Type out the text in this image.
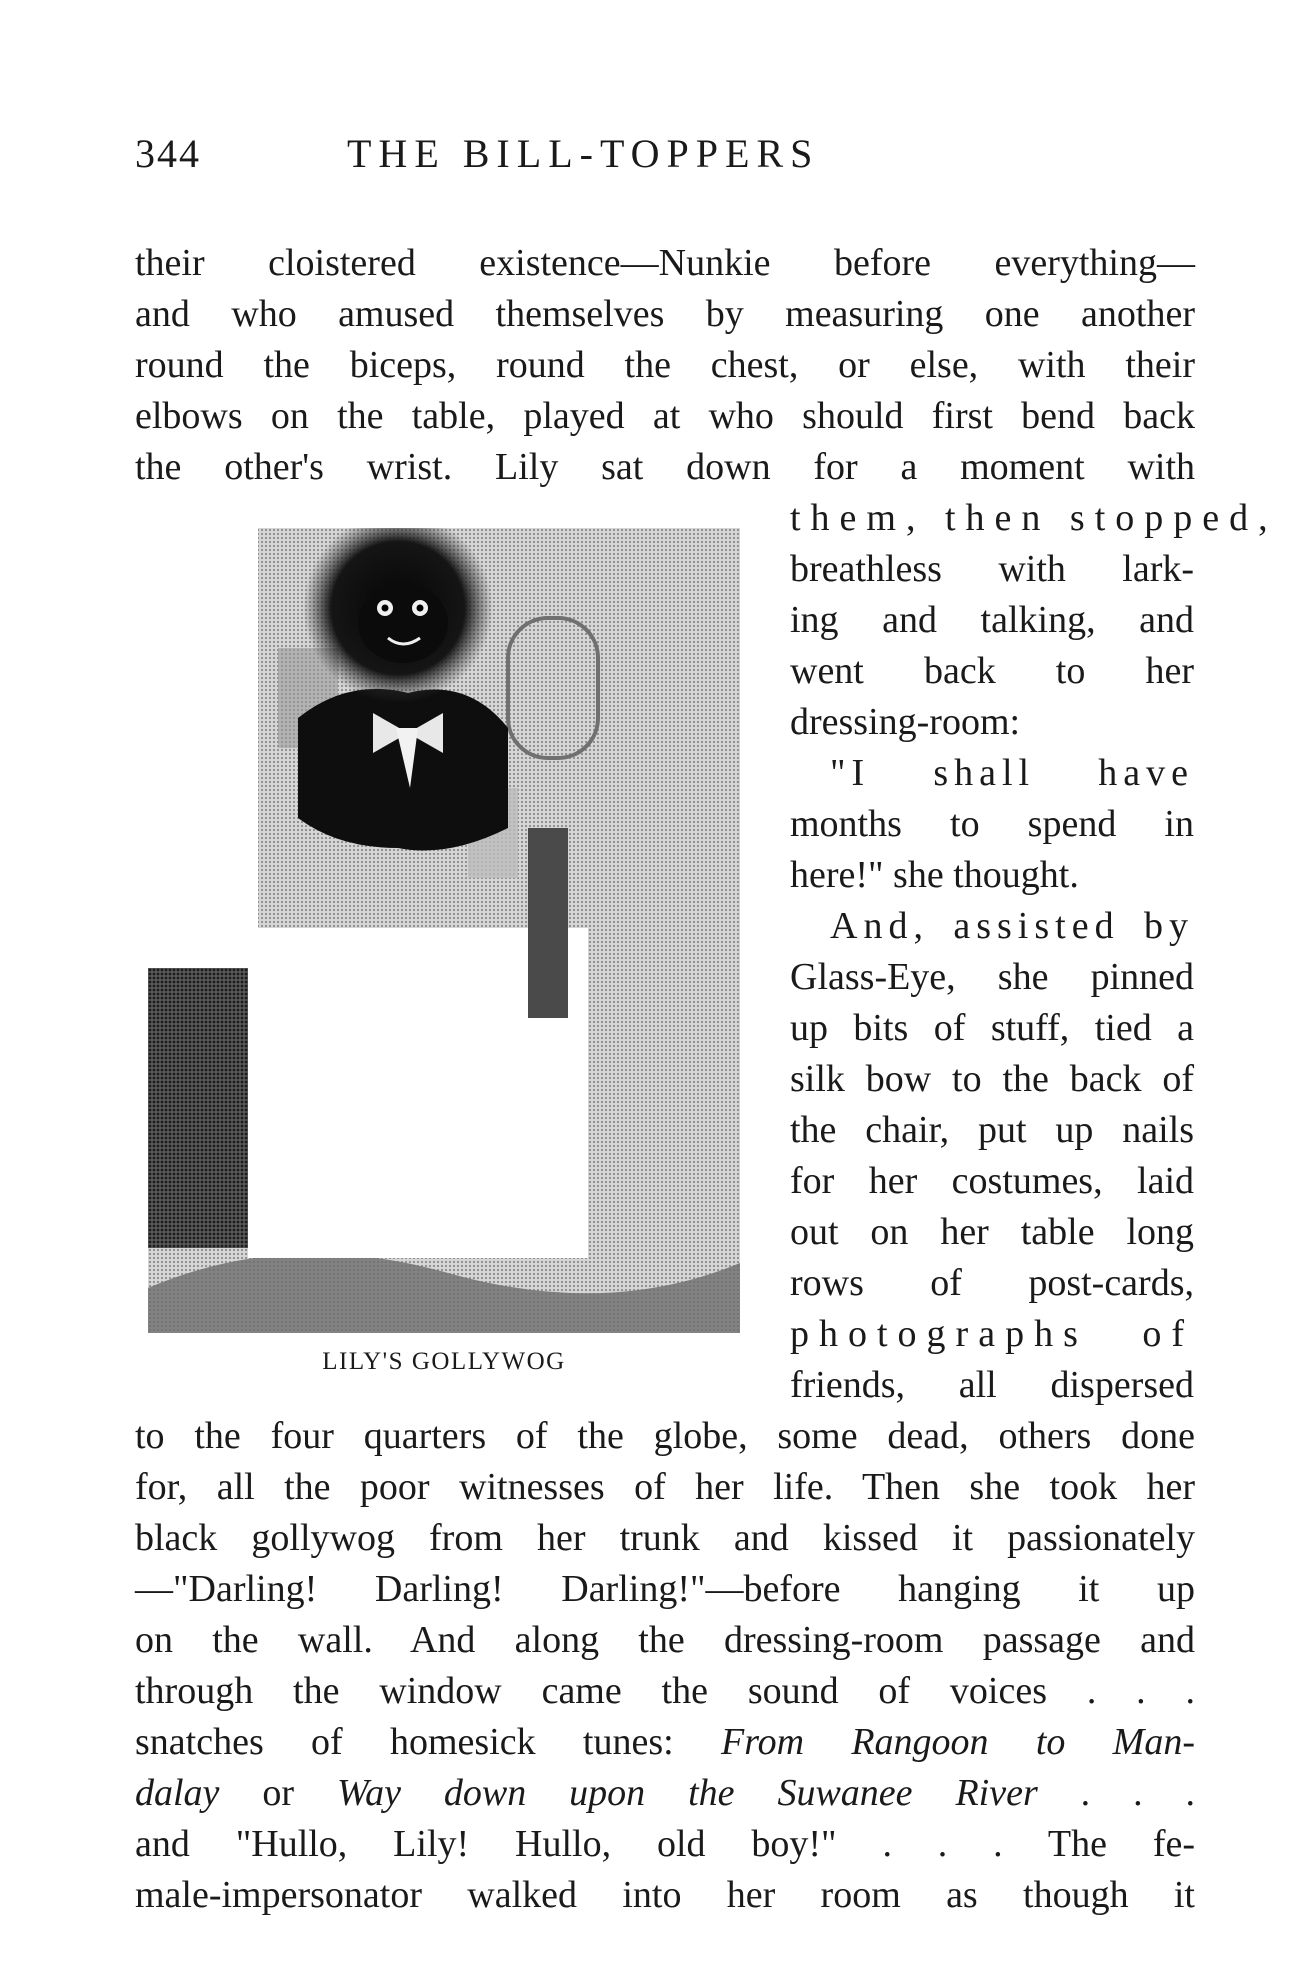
344	THE BILL-TOPPERS
their cloistered existence—Nunkie before everything—
and who amused themselves by measuring one another
round the biceps, round the chest, or else, with their
elbows on the table, played at who should first bend back
the other's wrist. Lily sat down for a moment with
LILY'S GOLLYWOG
them, then stopped,
breathless with lark-
ing and talking, and
went back to her
dressing-room:
"I shall have
months to spend in
here!" she thought.
And, assisted by
Glass-Eye, she pinned
up bits of stuff, tied a
silk bow to the back of
the chair, put up nails
for her costumes, laid
out on her table long
rows of post-cards,
photographs of
friends, all dispersed
to the four quarters of the globe, some dead, others done
for, all the poor witnesses of her life. Then she took her
black gollywog from her trunk and kissed it passionately
—"Darling! Darling! Darling!"—before hanging it up
on the wall. And along the dressing-room passage and
through the window came the sound of voices . . .
snatches of homesick tunes: From Rangoon to Man-
dalay or Way down upon the Suwanee River . . .
and "Hullo, Lily! Hullo, old boy!" . . . The fe-
male-impersonator walked into her room as though it
